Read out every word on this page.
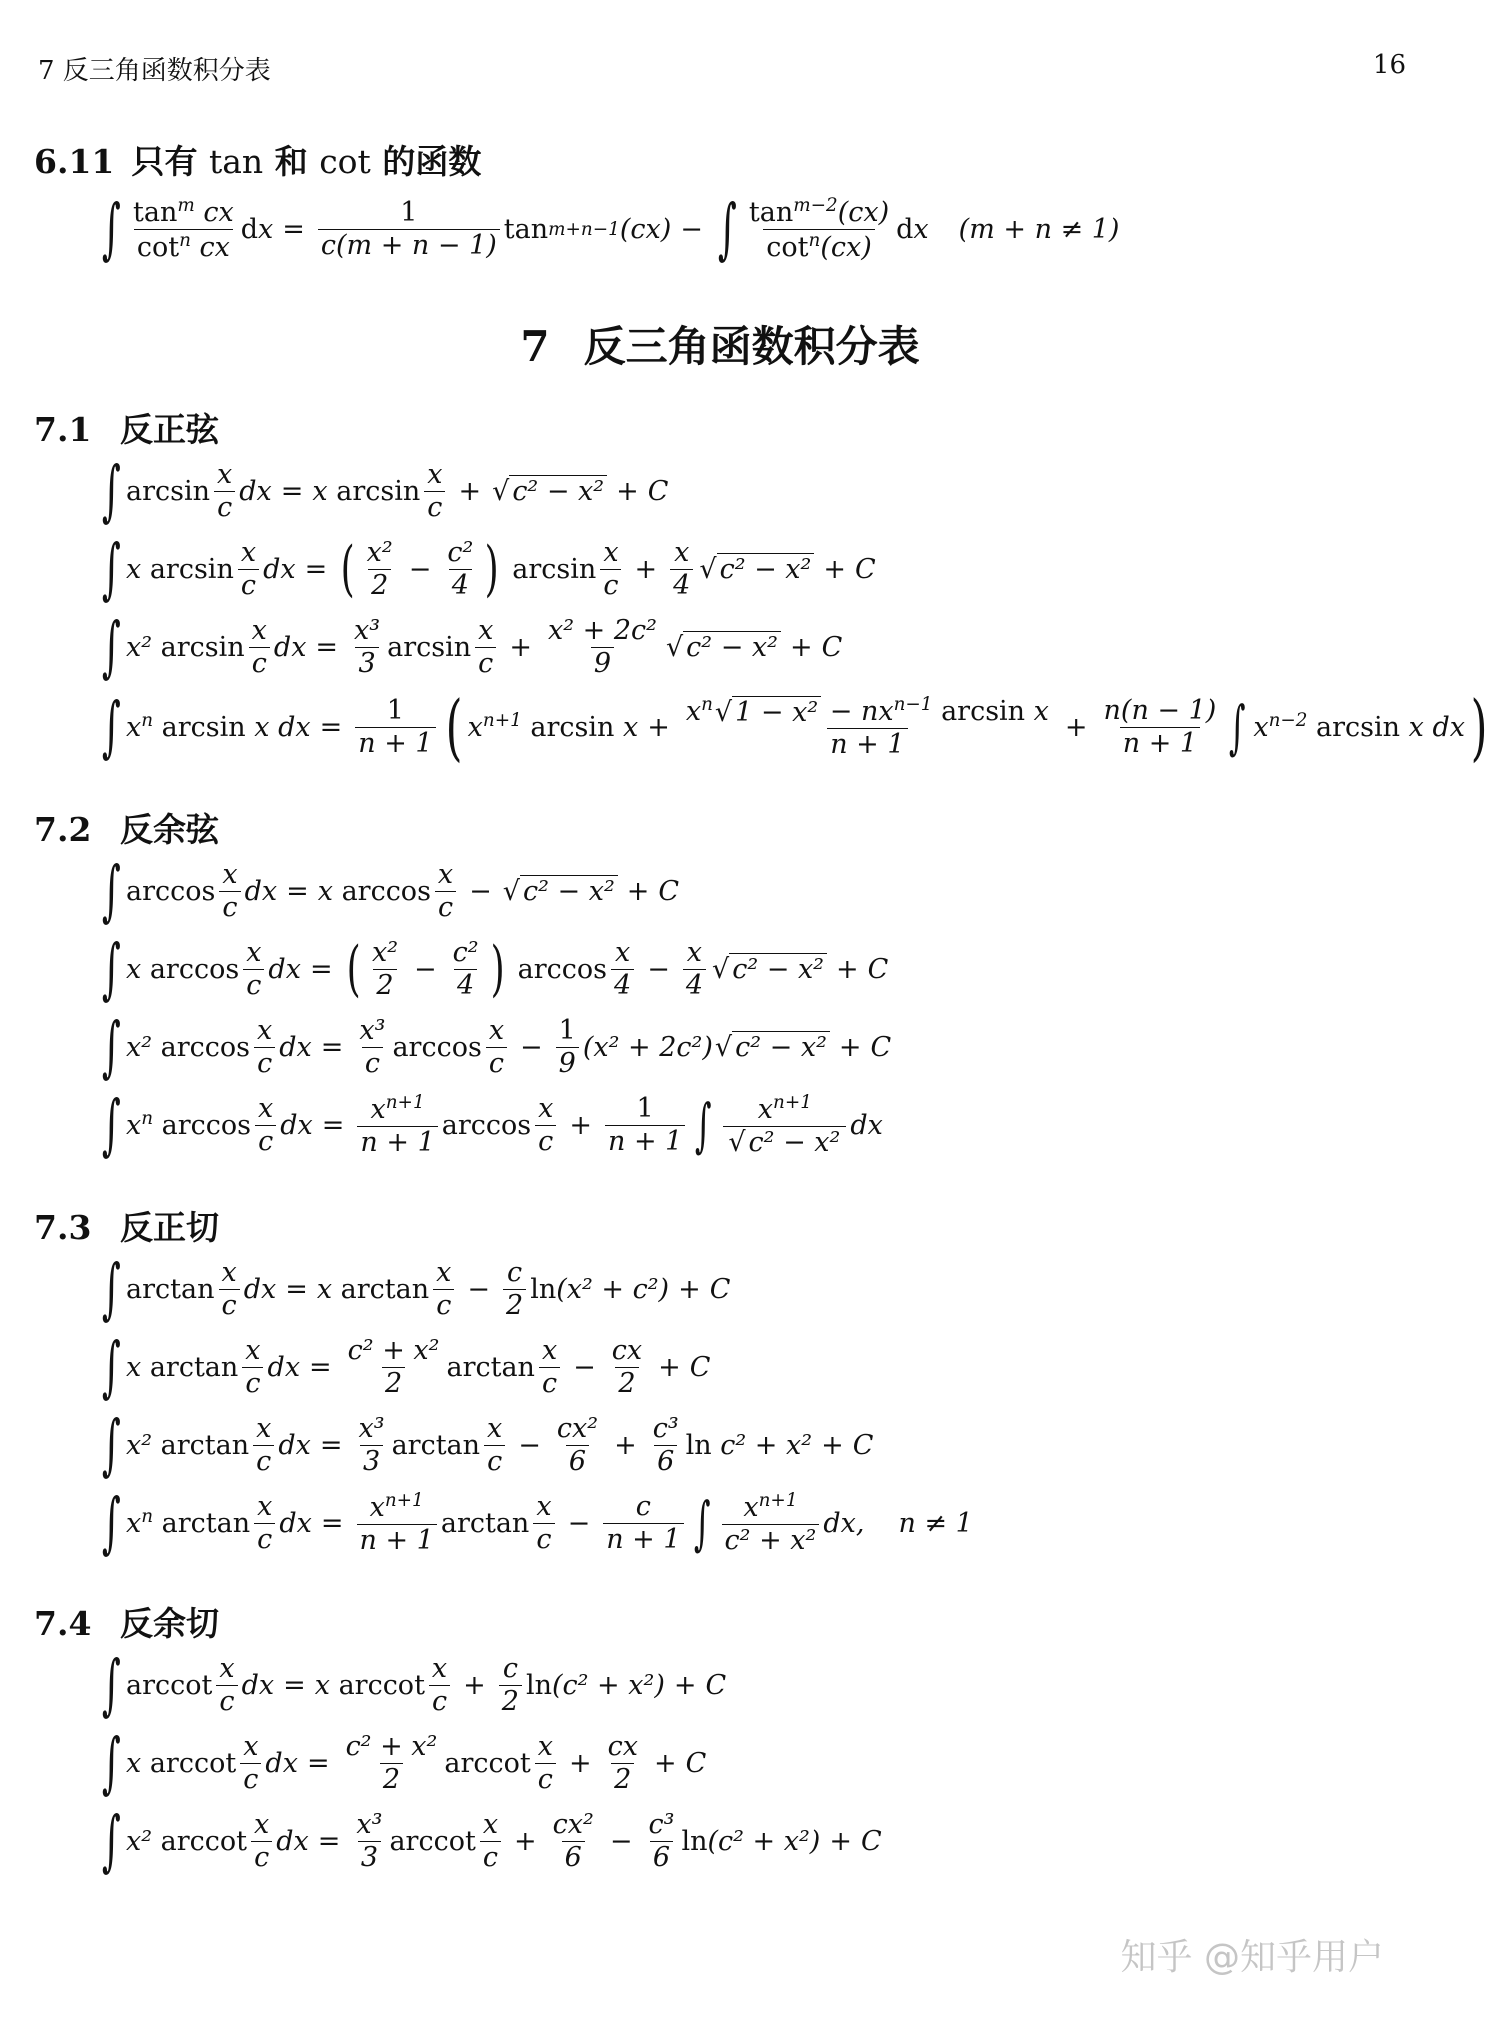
7 反三角函数积分表	16
6.11 只有 tan 和 cot 的函数
∫ $\frac{\tan^m cx}{\cot^n cx}$ d $x = \frac{1}{c(m + n - 1)}$ tan m+n−1 (cx) − ∫ $\frac{\tan^{m-2}(cx)}{\cot^n(cx)}$ d x (m + n ≠ 1)
7 反三角函数积分表
7.1 反正弦
∫ $\arcsin \frac{x}{c}$ dx = x
$\arcsin \frac{x}{c}$ + √ c² − x² + C
∫ x
$\arcsin \frac{x}{c}$ dx = ( $\frac{\text{x²}}{2} - \frac{\text{c²}}{4}$ )
$\arcsin \frac{x}{c} + \frac{x}{4}$ √ c² − x² + C
∫ x²
$\arcsin \frac{x}{c}$ dx = $\frac{\text{x³}}{3}$ $\arcsin \frac{x}{c} + \frac{\text{x² + 2c²}}{9}$ √ c² − x² + C
∫ $x^n$
arcsin
x dx = $\frac{1}{n + 1}$ ( $x^{n+1}$
arcsin
$x + \frac{x^n√ 1 - x^2 - nx^{n-1} \arcsin x}{n + 1} + \frac{n(n - 1)}{n + 1}$ ∫ $x^{n-2}$
arcsin
x dx )
7.2 反余弦
∫ $\arccos \frac{x}{c}$ dx = x
$\arccos \frac{x}{c}$ − √ c² − x² + C
∫ x
$\arccos \frac{x}{c}$ dx = ( $\frac{\text{x²}}{2} - \frac{\text{c²}}{4}$ )
$\arccos \frac{x}{4} - \frac{x}{4}$ √ c² − x² + C
∫ x²
$\arccos \frac{x}{c}$ dx = $\frac{\text{x³}}{c}$ $\arccos \frac{x}{c} - \frac{1}{9} (x^2 + 2c^2)$ √ c² − x² + C
∫ $x^n$
$\arccos \frac{x}{c}$ dx = $\frac{x^{n+1}}{n + 1}$ $\arccos \frac{x}{c} + \frac{1}{n + 1}$ ∫ $\frac{x^{n+1}}{\text{√ c² − x²}}$ dx
7.3 反正切
∫ $\arctan \frac{x}{c}$ dx = x
$\arctan \frac{x}{c} - \frac{c}{2}$ ln (x² + c²) + C
∫ x
$\arctan \frac{x}{c}$ dx = $\frac{\text{c² + x²}}{2}$ $\arctan \frac{x}{c} - \frac{cx}{2} + C$
∫ x²
$\arctan \frac{x}{c}$ dx = $\frac{\text{x³}}{3}$ $\arctan \frac{x}{c} - \frac{\text{cx²}}{6} + \frac{\text{c³}}{6}$ ln
c² + x² + C
∫ $x^n$
$\arctan \frac{x}{c}$ dx = $\frac{x^{n+1}}{n + 1}$ $\arctan \frac{x}{c} - \frac{c}{n + 1}$ ∫ $\frac{x^{n+1}}{\text{c² + x²}}$ dx, n ≠ 1
7.4 反余切
∫ arccot $\frac{x}{c}$ dx = x
arccot $\frac{x}{c} + \frac{c}{2}$ ln (c² + x²) + C
∫ x
arccot $\frac{x}{c}$ dx = $\frac{\text{c² + x²}}{2}$ arccot $\frac{x}{c} + \frac{cx}{2} + C$
∫ x²
arccot $\frac{x}{c}$ dx = $\frac{\text{x³}}{3}$ arccot $\frac{x}{c} + \frac{\text{cx²}}{6} - \frac{\text{c³}}{6}$ ln (c² + x²) + C
知乎 @知乎用户
